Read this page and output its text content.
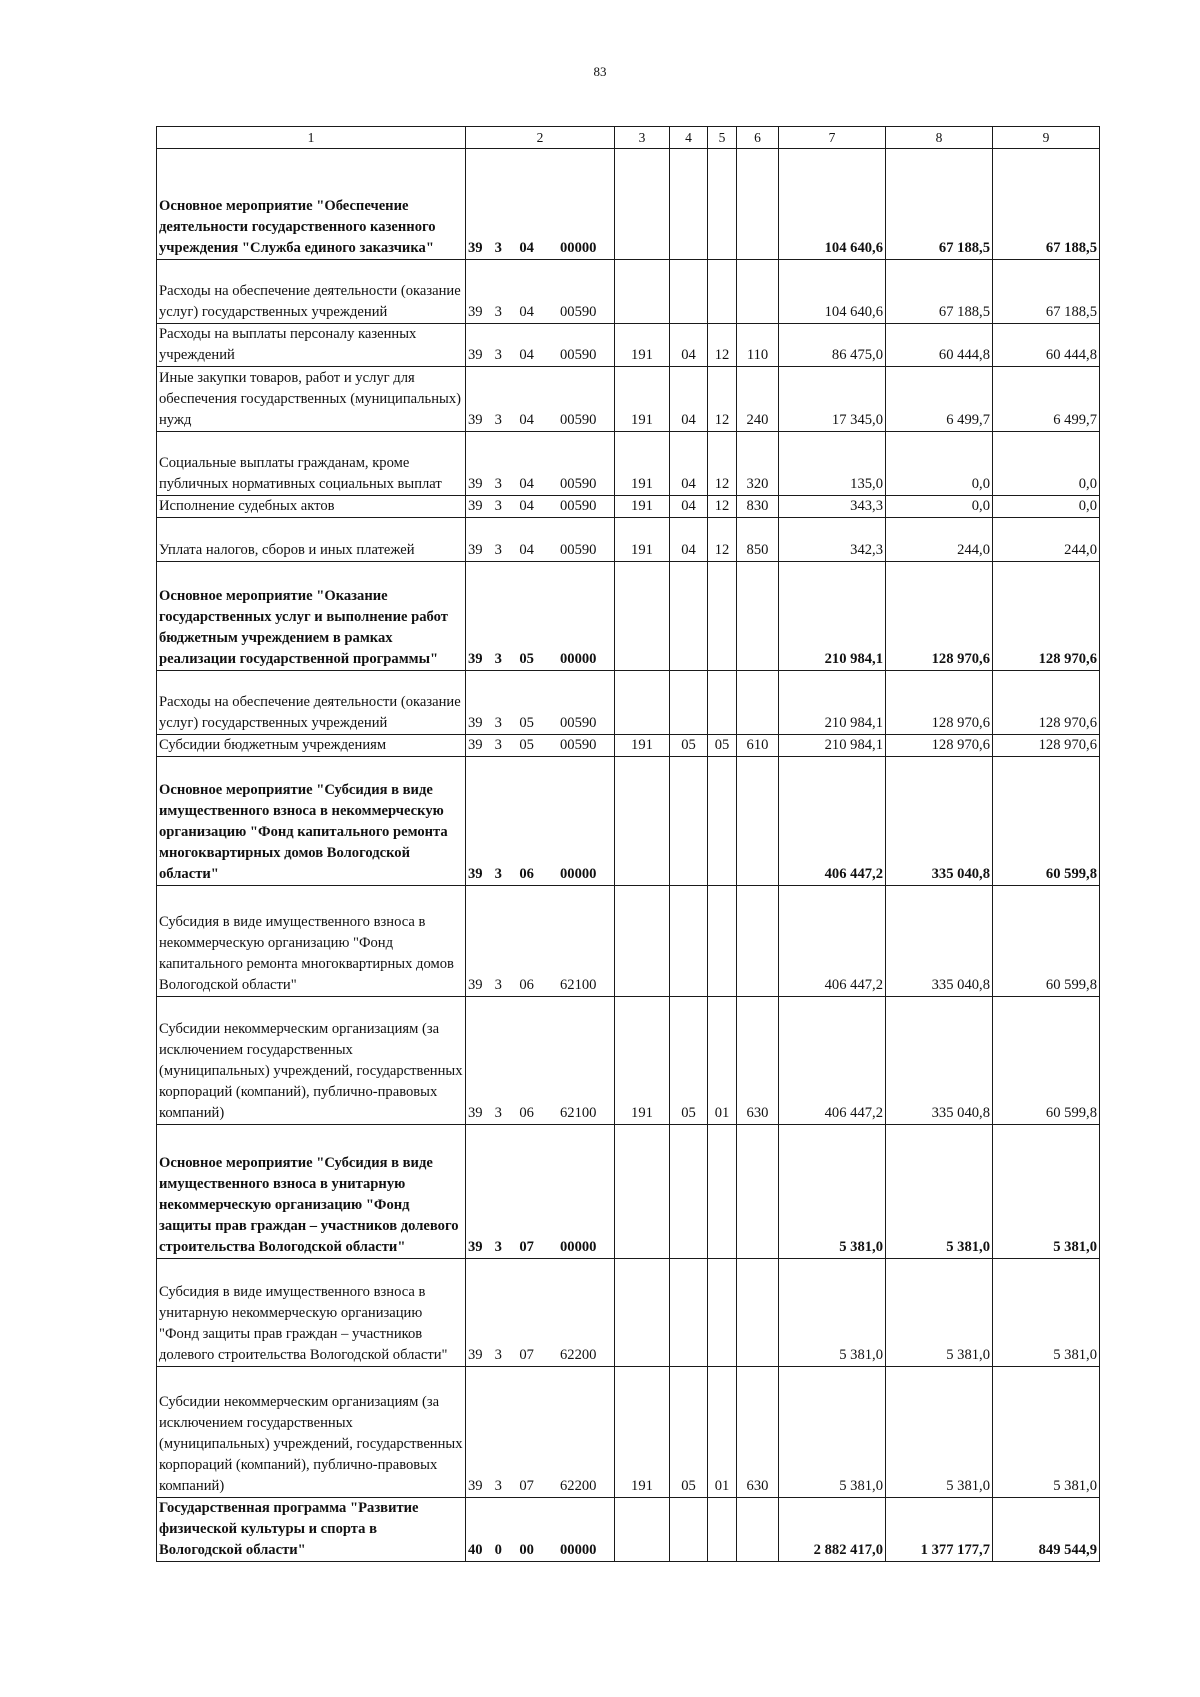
83
1	2	3	4	5	6	7	8	9
Основное мероприятие "Обеспечение деятельности государственного казенного учреждения "Служба единого заказчика"	39 3 04 00000					104 640,6	67 188,5	67 188,5
Расходы на обеспечение деятельности (оказание услуг) государственных учреждений	39 3 04 00590					104 640,6	67 188,5	67 188,5
Расходы на выплаты персоналу казенных учреждений	39 3 04 00590	191	04	12	110	86 475,0	60 444,8	60 444,8
Иные закупки товаров, работ и услуг для обеспечения государственных (муниципальных) нужд	39 3 04 00590	191	04	12	240	17 345,0	6 499,7	6 499,7
Социальные выплаты гражданам, кроме публичных нормативных социальных выплат	39 3 04 00590	191	04	12	320	135,0	0,0	0,0
Исполнение судебных актов	39 3 04 00590	191	04	12	830	343,3	0,0	0,0
Уплата налогов, сборов и иных платежей	39 3 04 00590	191	04	12	850	342,3	244,0	244,0
Основное мероприятие "Оказание государственных услуг и выполнение работ бюджетным учреждением в рамках реализации государственной программы"	39 3 05 00000					210 984,1	128 970,6	128 970,6
Расходы на обеспечение деятельности (оказание услуг) государственных учреждений	39 3 05 00590					210 984,1	128 970,6	128 970,6
Субсидии бюджетным учреждениям	39 3 05 00590	191	05	05	610	210 984,1	128 970,6	128 970,6
Основное мероприятие "Субсидия в виде имущественного взноса в некоммерческую организацию "Фонд капитального ремонта многоквартирных домов Вологодской области"	39 3 06 00000					406 447,2	335 040,8	60 599,8
Субсидия в виде имущественного взноса в некоммерческую организацию "Фонд капитального ремонта многоквартирных домов Вологодской области"	39 3 06 62100					406 447,2	335 040,8	60 599,8
Субсидии некоммерческим организациям (за исключением государственных (муниципальных) учреждений, государственных корпораций (компаний), публично-правовых компаний)	39 3 06 62100	191	05	01	630	406 447,2	335 040,8	60 599,8
Основное мероприятие "Субсидия в виде имущественного взноса в унитарную некоммерческую организацию "Фонд защиты прав граждан – участников долевого строительства Вологодской области"	39 3 07 00000					5 381,0	5 381,0	5 381,0
Субсидия в виде имущественного взноса в унитарную некоммерческую организацию "Фонд защиты прав граждан – участников долевого строительства Вологодской области"	39 3 07 62200					5 381,0	5 381,0	5 381,0
Субсидии некоммерческим организациям (за исключением государственных (муниципальных) учреждений, государственных корпораций (компаний), публично-правовых компаний)	39 3 07 62200	191	05	01	630	5 381,0	5 381,0	5 381,0
Государственная программа "Развитие физической культуры и спорта в Вологодской области"	40 0 00 00000					2 882 417,0	1 377 177,7	849 544,9
